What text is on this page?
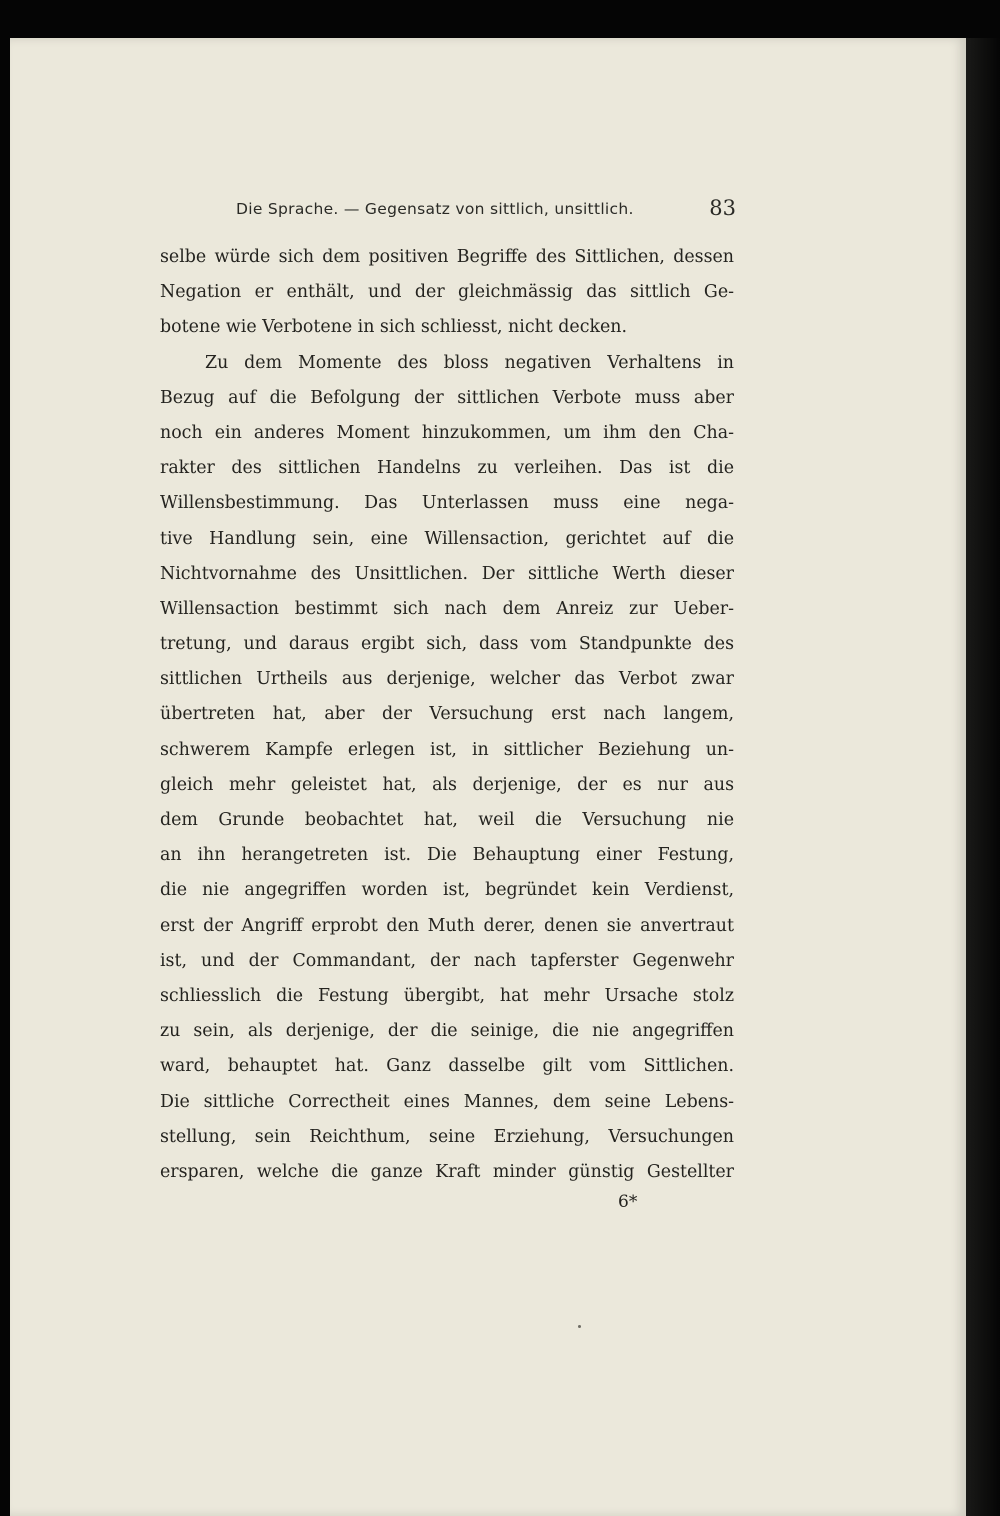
Die Sprache. — Gegensatz von sittlich, unsittlich.	83
selbe würde sich dem positiven Begriffe des Sittlichen, dessen
Negation er enthält, und der gleichmässig das sittlich Ge-
botene wie Verbotene in sich schliesst, nicht decken.
Zu dem Momente des bloss negativen Verhaltens in
Bezug auf die Befolgung der sittlichen Verbote muss aber
noch ein anderes Moment hinzukommen, um ihm den Cha-
rakter des sittlichen Handelns zu verleihen. Das ist die
Willensbestimmung. Das Unterlassen muss eine nega-
tive Handlung sein, eine Willensaction, gerichtet auf die
Nichtvornahme des Unsittlichen. Der sittliche Werth dieser
Willensaction bestimmt sich nach dem Anreiz zur Ueber-
tretung, und daraus ergibt sich, dass vom Standpunkte des
sittlichen Urtheils aus derjenige, welcher das Verbot zwar
übertreten hat, aber der Versuchung erst nach langem,
schwerem Kampfe erlegen ist, in sittlicher Beziehung un-
gleich mehr geleistet hat, als derjenige, der es nur aus
dem Grunde beobachtet hat, weil die Versuchung nie
an ihn herangetreten ist. Die Behauptung einer Festung,
die nie angegriffen worden ist, begründet kein Verdienst,
erst der Angriff erprobt den Muth derer, denen sie anvertraut
ist, und der Commandant, der nach tapferster Gegenwehr
schliesslich die Festung übergibt, hat mehr Ursache stolz
zu sein, als derjenige, der die seinige, die nie angegriffen
ward, behauptet hat. Ganz dasselbe gilt vom Sittlichen.
Die sittliche Correctheit eines Mannes, dem seine Lebens-
stellung, sein Reichthum, seine Erziehung, Versuchungen
ersparen, welche die ganze Kraft minder günstig Gestellter
6*
